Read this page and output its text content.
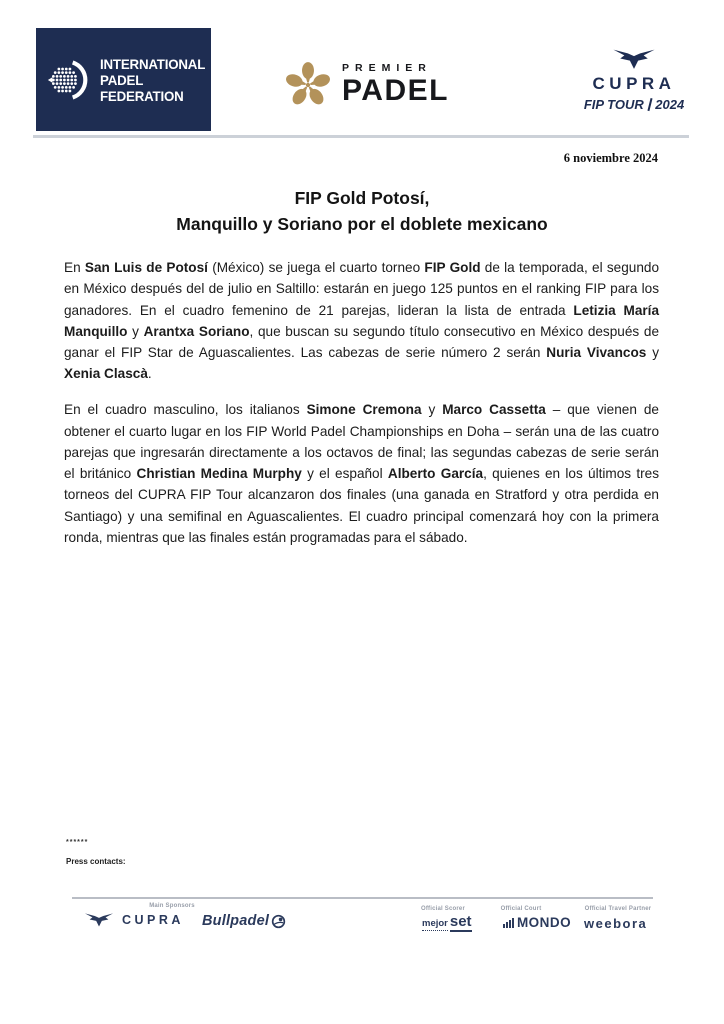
INTERNATIONAL
PADEL
FEDERATION
PREMIER
PADEL	CUPRA
FIP TOUR 2024
6 noviembre 2024
FIP Gold Potosí,
Manquillo y Soriano por el doblete mexicano

En San Luis de Potosí (México) se juega el cuarto torneo FIP Gold de la temporada, el segundo en México después del de julio en Saltillo: estarán en juego 125 puntos en el ranking FIP para los ganadores. En el cuadro femenino de 21 parejas, lideran la lista de entrada Letizia María Manquillo y Arantxa Soriano, que buscan su segundo título consecutivo en México después de ganar el FIP Star de Aguascalientes. Las cabezas de serie número 2 serán Nuria Vivancos y Xenia Clascà.

En el cuadro masculino, los italianos Simone Cremona y Marco Cassetta – que vienen de obtener el cuarto lugar en los FIP World Padel Championships en Doha – serán una de las cuatro parejas que ingresarán directamente a los octavos de final; las segundas cabezas de serie serán el británico Christian Medina Murphy y el español Alberto García, quienes en los últimos tres torneos del CUPRA FIP Tour alcanzaron dos finales (una ganada en Stratford y otra perdida en Santiago) y una semifinal en Aguascalientes. El cuadro principal comenzará hoy con la primera ronda, mientras que las finales están programadas para el sábado.

******
Press contacts:
Main Sponsors
CUPRA Bullpadel
Official Scorer
mejor set
Official Court
MONDO
Official Travel Partner
weebora
